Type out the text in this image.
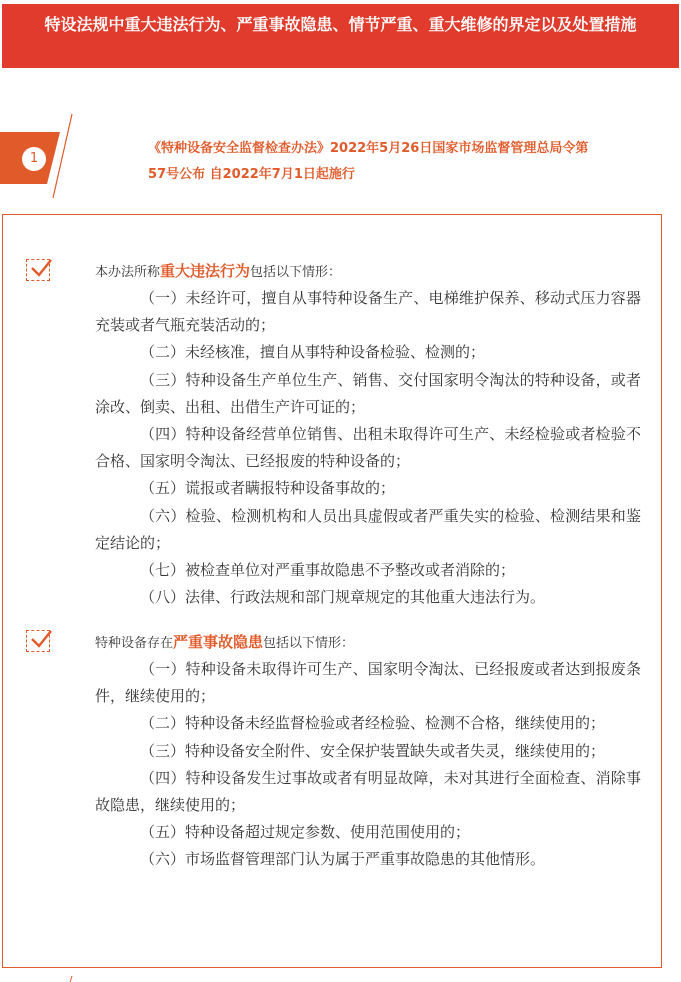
特设法规中重大违法行为、严重事故隐患、情节严重、重大维修的界定以及处置措施
1
《特种设备安全监督检查办法》2022年5月26日国家市场监督管理总局令第
57号公布 自2022年7月1日起施行
本办法所称重大违法行为包括以下情形：

（一）未经许可，擅自从事特种设备生产、电梯维护保养、移动式压力容器充装或者气瓶充装活动的；

（二）未经核准，擅自从事特种设备检验、检测的；

（三）特种设备生产单位生产、销售、交付国家明令淘汰的特种设备，或者涂改、倒卖、出租、出借生产许可证的；

（四）特种设备经营单位销售、出租未取得许可生产、未经检验或者检验不合格、国家明令淘汰、已经报废的特种设备的；

（五）谎报或者瞒报特种设备事故的；

（六）检验、检测机构和人员出具虚假或者严重失实的检验、检测结果和鉴定结论的；

（七）被检查单位对严重事故隐患不予整改或者消除的；

（八）法律、行政法规和部门规章规定的其他重大违法行为。

特种设备存在严重事故隐患包括以下情形：

（一）特种设备未取得许可生产、国家明令淘汰、已经报废或者达到报废条件，继续使用的；

（二）特种设备未经监督检验或者经检验、检测不合格，继续使用的；

（三）特种设备安全附件、安全保护装置缺失或者失灵，继续使用的；

（四）特种设备发生过事故或者有明显故障，未对其进行全面检查、消除事故隐患，继续使用的；

（五）特种设备超过规定参数、使用范围使用的；

（六）市场监督管理部门认为属于严重事故隐患的其他情形。
